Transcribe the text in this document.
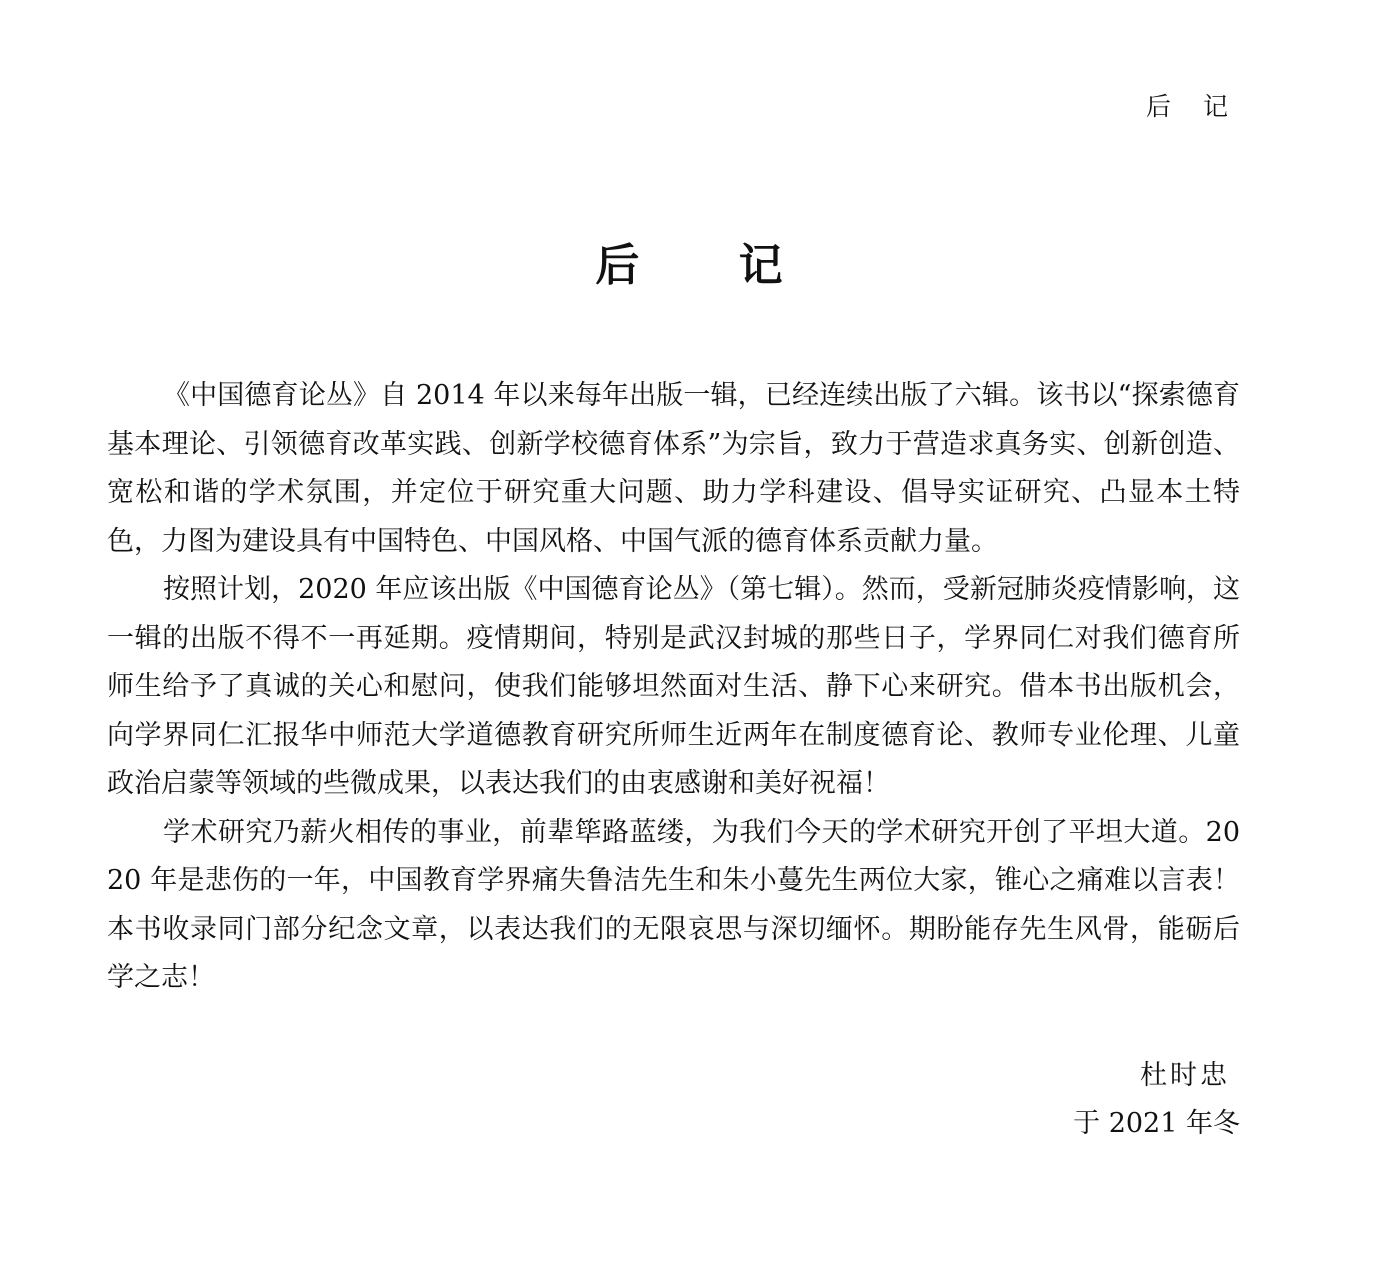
后 记
后 记

《中国德育论丛》自 2014 年以来每年出版一辑，已经连续出版了六辑。该书以“探索德育基本理论、引领德育改革实践、创新学校德育体系”为宗旨，致力于营造求真务实、创新创造、宽松和谐的学术氛围，并定位于研究重大问题、助力学科建设、倡导实证研究、凸显本土特色，力图为建设具有中国特色、中国风格、中国气派的德育体系贡献力量。

按照计划，2020 年应该出版《中国德育论丛》（第七辑）。然而，受新冠肺炎疫情影响，这一辑的出版不得不一再延期。疫情期间，特别是武汉封城的那些日子，学界同仁对我们德育所师生给予了真诚的关心和慰问，使我们能够坦然面对生活、静下心来研究。借本书出版机会，向学界同仁汇报华中师范大学道德教育研究所师生近两年在制度德育论、教师专业伦理、儿童政治启蒙等领域的些微成果，以表达我们的由衷感谢和美好祝福！

学术研究乃薪火相传的事业，前辈筚路蓝缕，为我们今天的学术研究开创了平坦大道。2020 年是悲伤的一年，中国教育学界痛失鲁洁先生和朱小蔓先生两位大家，锥心之痛难以言表！本书收录同门部分纪念文章，以表达我们的无限哀思与深切缅怀。期盼能存先生风骨，能砺后学之志！

杜时忠
于 2021 年冬
